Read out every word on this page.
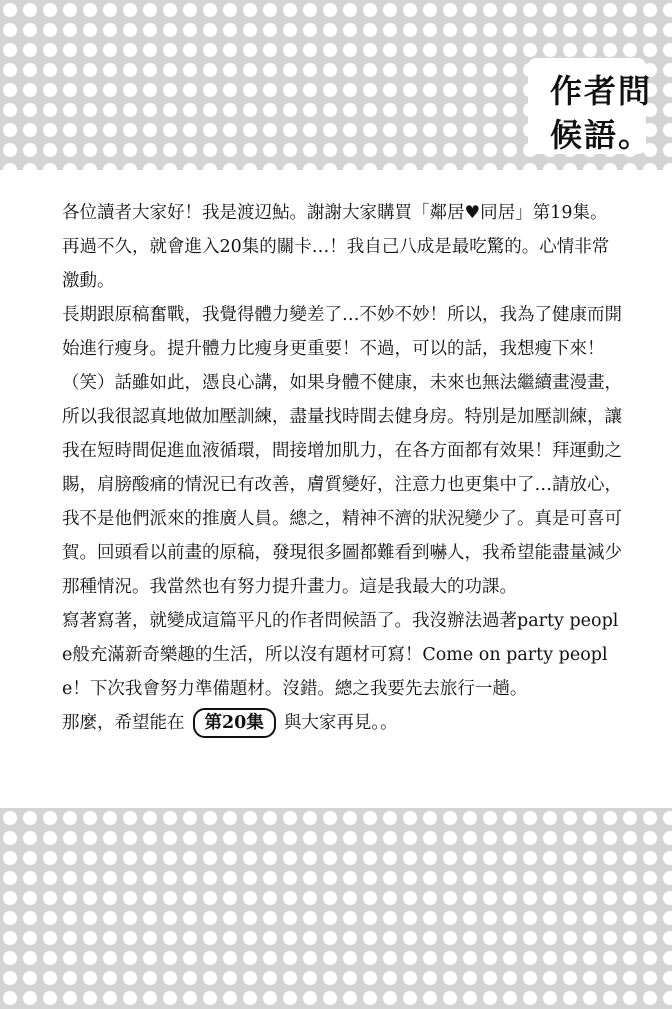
作者問
候語。

各位讀者大家好！我是渡辺鮎。謝謝大家購買「鄰居♥同居」第19集。再過不久，就會進入20集的關卡…！我自己八成是最吃驚的。心情非常激動。

長期跟原稿奮戰，我覺得體力變差了…不妙不妙！所以，我為了健康而開始進行瘦身。提升體力比瘦身更重要！不過，可以的話，我想瘦下來！（笑）話雖如此，憑良心講，如果身體不健康，未來也無法繼續畫漫畫，所以我很認真地做加壓訓練，盡量找時間去健身房。特別是加壓訓練，讓我在短時間促進血液循環，間接增加肌力，在各方面都有效果！拜運動之賜，肩膀酸痛的情況已有改善，膚質變好，注意力也更集中了…請放心，我不是他們派來的推廣人員。總之，精神不濟的狀況變少了。真是可喜可賀。回頭看以前畫的原稿，發現很多圖都難看到嚇人，我希望能盡量減少那種情況。我當然也有努力提升畫力。這是我最大的功課。

寫著寫著，就變成這篇平凡的作者問候語了。我沒辦法過著party people般充滿新奇樂趣的生活，所以沒有題材可寫！Come on party people！下次我會努力準備題材。沒錯。總之我要先去旅行一趟。

那麼，希望能在	第20集	與大家再見。。
